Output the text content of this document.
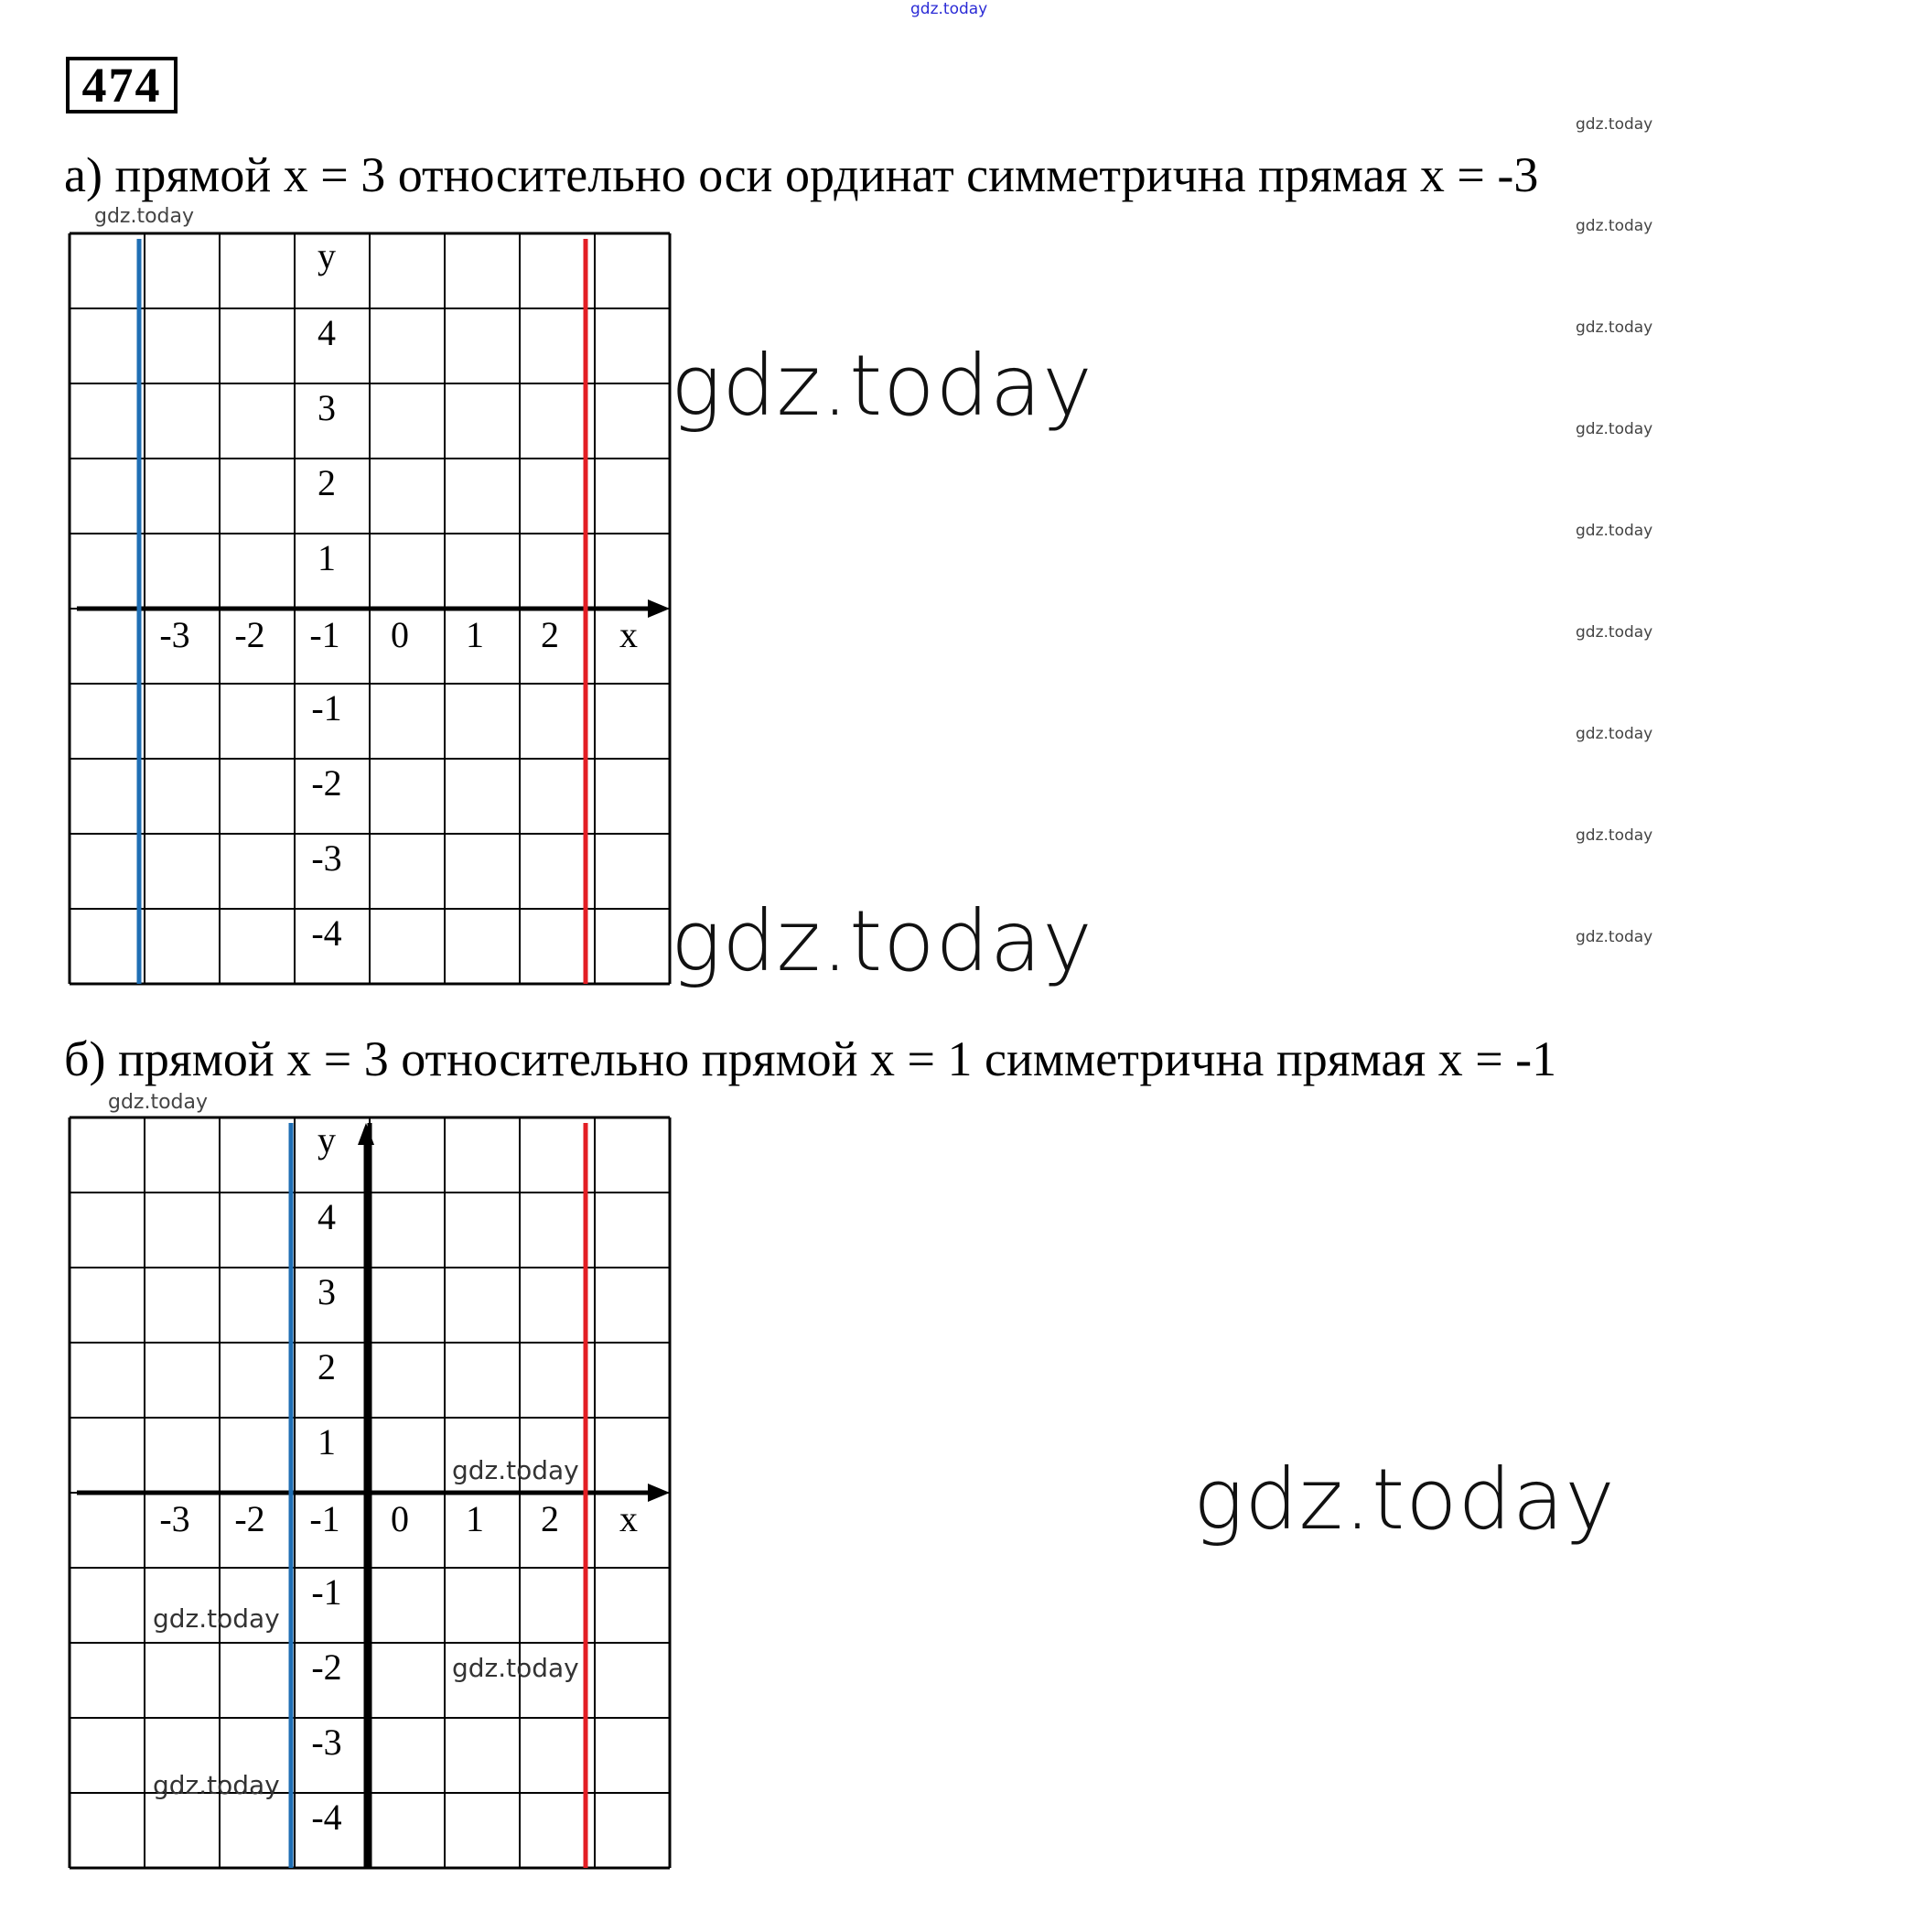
gdz.today
474
gdz.today
gdz.today
gdz.today
gdz.today
gdz.today
gdz.today
gdz.today
gdz.today
gdz.today
а) прямой x = 3 относительно оси ординат симметрична прямая x = -3
gdz.today
-3 -2 -1 0 1 2 x
y
4
3
2
1
-1
-2
-3
-4
gdz.today
gdz.today
б) прямой x = 3 относительно прямой x = 1 симметрична прямая x = -1
gdz.today
-3 -2 -1 0 1 2 x
y
4
3
2
1
-1
-2
-3
-4
gdz.today
gdz.today
gdz.today
gdz.today
gdz.today
